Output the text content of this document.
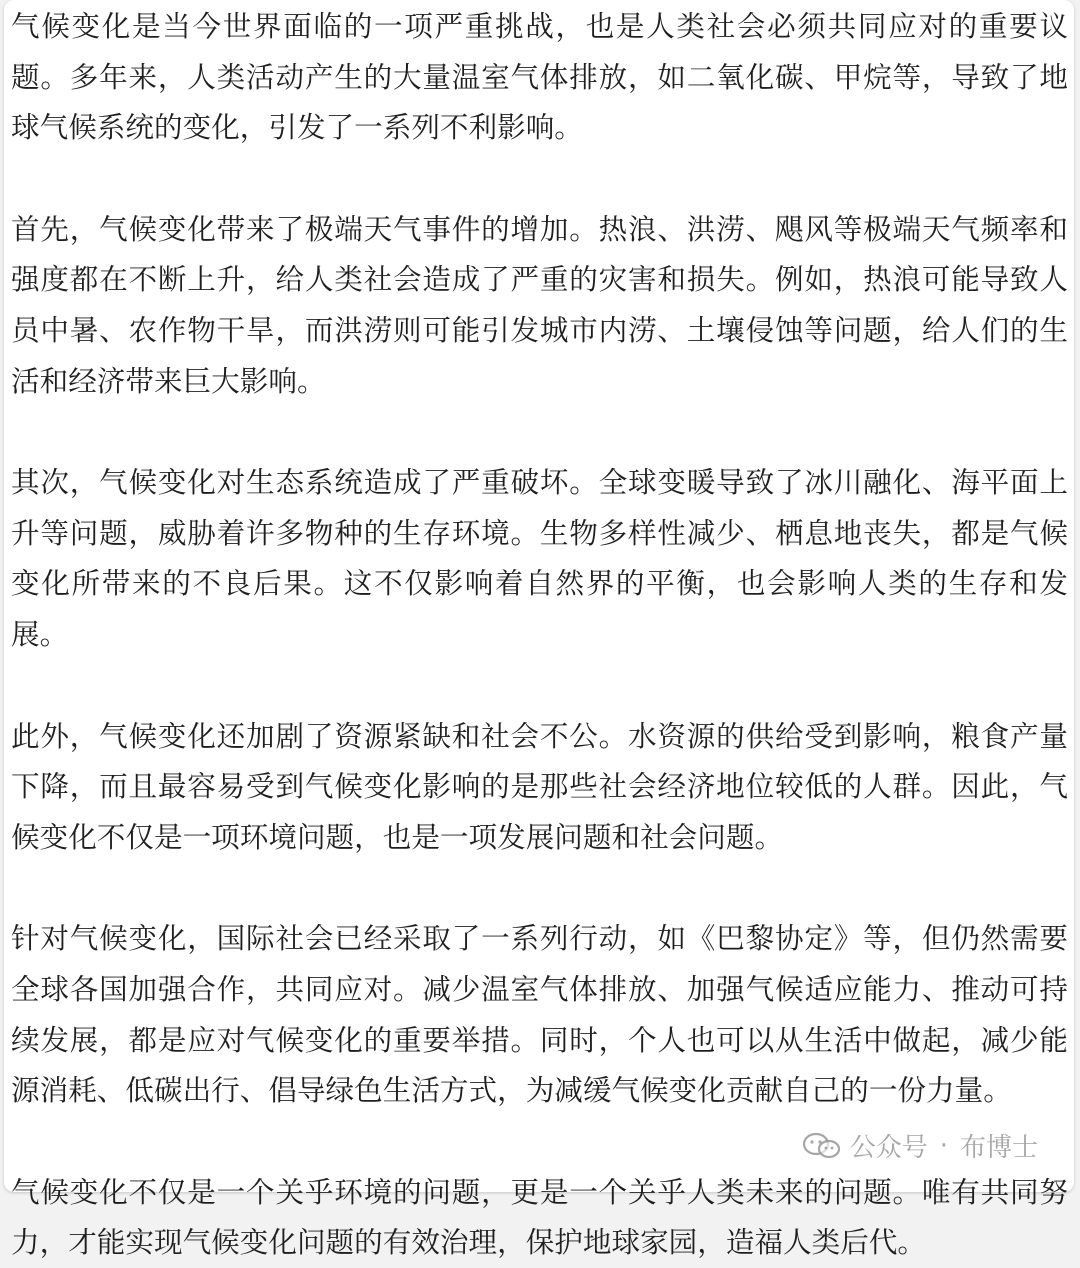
气候变化是当今世界面临的一项严重挑战，也是人类社会必须共同应对的重要议题。多年来，人类活动产生的大量温室气体排放，如二氧化碳、甲烷等，导致了地球气候系统的变化，引发了一系列不利影响。

首先，气候变化带来了极端天气事件的增加。热浪、洪涝、飓风等极端天气频率和强度都在不断上升，给人类社会造成了严重的灾害和损失。例如，热浪可能导致人员中暑、农作物干旱，而洪涝则可能引发城市内涝、土壤侵蚀等问题，给人们的生活和经济带来巨大影响。

其次，气候变化对生态系统造成了严重破坏。全球变暖导致了冰川融化、海平面上升等问题，威胁着许多物种的生存环境。生物多样性减少、栖息地丧失，都是气候变化所带来的不良后果。这不仅影响着自然界的平衡，也会影响人类的生存和发展。

此外，气候变化还加剧了资源紧缺和社会不公。水资源的供给受到影响，粮食产量下降，而且最容易受到气候变化影响的是那些社会经济地位较低的人群。因此，气候变化不仅是一项环境问题，也是一项发展问题和社会问题。

针对气候变化，国际社会已经采取了一系列行动，如《巴黎协定》等，但仍然需要全球各国加强合作，共同应对。减少温室气体排放、加强气候适应能力、推动可持续发展，都是应对气候变化的重要举措。同时，个人也可以从生活中做起，减少能源消耗、低碳出行、倡导绿色生活方式，为减缓气候变化贡献自己的一份力量。

气候变化不仅是一个关乎环境的问题，更是一个关乎人类未来的问题。唯有共同努力，才能实现气候变化问题的有效治理，保护地球家园，造福人类后代。

公众号 · 布博士
